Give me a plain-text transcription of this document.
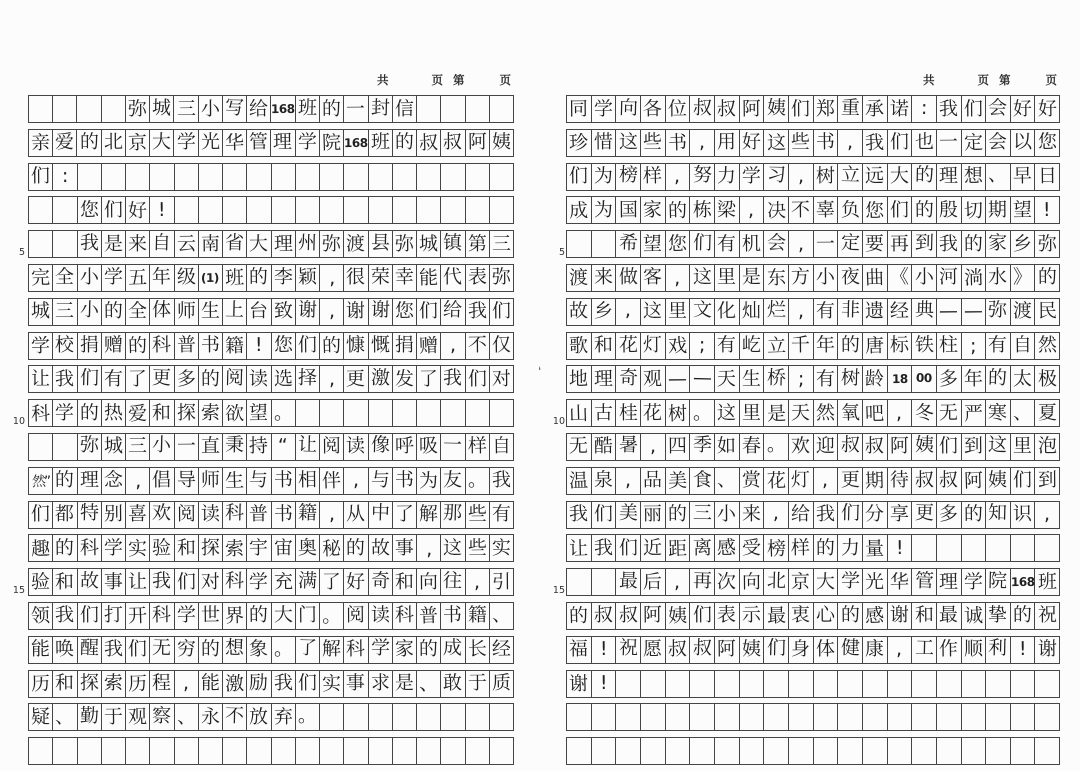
共	页 第	页
弥 城 三 小 写 给 168 班 的 一 封 信
亲 爱 的 北 京 大 学 光 华 管 理 学 院 168 班 的 叔 叔 阿 姨
们 :
您 们 好 !
我 是 来 自 云 南 省 大 理 州 弥 渡 县 弥 城 镇 第 三
完 全 小 学 五 年 级 (1) 班 的 李 颖 , 很 荣 幸 能 代 表 弥
城 三 小 的 全 体 师 生 上 台 致 谢 , 谢 谢 您 们 给 我 们
学 校 捐 赠 的 科 普 书 籍 ! 您 们 的 慷 慨 捐 赠 , 不 仅
让 我 们 有 了 更 多 的 阅 读 选 择 , 更 激 发 了 我 们 对
科 学 的 热 爱 和 探 索 欲 望 。
弥 城 三 小 一 直 秉 持 “ 让 阅 读 像 呼 吸 一 样 自
然” 的 理 念 , 倡 导 师 生 与 书 相 伴 , 与 书 为 友 。 我
们 都 特 别 喜 欢 阅 读 科 普 书 籍 , 从 中 了 解 那 些 有
趣 的 科 学 实 验 和 探 索 宇 宙 奥 秘 的 故 事 , 这 些 实
验 和 故 事 让 我 们 对 科 学 充 满 了 好 奇 和 向 往 , 引
领 我 们 打 开 科 学 世 界 的 大 门 。 阅 读 科 普 书 籍 、
能 唤 醒 我 们 无 穷 的 想 象 。 了 解 科 学 家 的 成 长 经
历 和 探 索 历 程 , 能 激 励 我 们 实 事 求 是 、 敢 于 质
疑 、 勤 于 观 察 、 永 不 放 弃 。
5
10
15
共	页 第	页
同 学 向 各 位 叔 叔 阿 姨 们 郑 重 承 诺 : 我 们 会 好 好
珍 惜 这 些 书 , 用 好 这 些 书 , 我 们 也 一 定 会 以 您
们 为 榜 样 , 努 力 学 习 , 树 立 远 大 的 理 想 、 早 日
成 为 国 家 的 栋 梁 , 决 不 辜 负 您 们 的 殷 切 期 望 !
希 望 您 们 有 机 会 , 一 定 要 再 到 我 的 家 乡 弥
渡 来 做 客 , 这 里 是 东 方 小 夜 曲 《 小 河 淌 水 》 的
故 乡 , 这 里 文 化 灿 烂 , 有 非 遗 经 典 — — 弥 渡 民
歌 和 花 灯 戏 ; 有 屹 立 千 年 的 唐 标 铁 柱 ; 有 自 然
地 理 奇 观 — — 天 生 桥 ; 有 树 龄 18 00 多 年 的 太 极
山 古 桂 花 树 。 这 里 是 天 然 氧 吧 , 冬 无 严 寒 、 夏
无 酷 暑 , 四 季 如 春 。 欢 迎 叔 叔 阿 姨 们 到 这 里 泡
温 泉 , 品 美 食 、 赏 花 灯 , 更 期 待 叔 叔 阿 姨 们 到
我 们 美 丽 的 三 小 来 , 给 我 们 分 享 更 多 的 知 识 ,
让 我 们 近 距 离 感 受 榜 样 的 力 量 !
最 后 , 再 次 向 北 京 大 学 光 华 管 理 学 院 168 班
的 叔 叔 阿 姨 们 表 示 最 衷 心 的 感 谢 和 最 诚 挚 的 祝
福 ! 祝 愿 叔 叔 阿 姨 们 身 体 健 康 , 工 作 顺 利 ! 谢
谢 !
5
10
15
、
